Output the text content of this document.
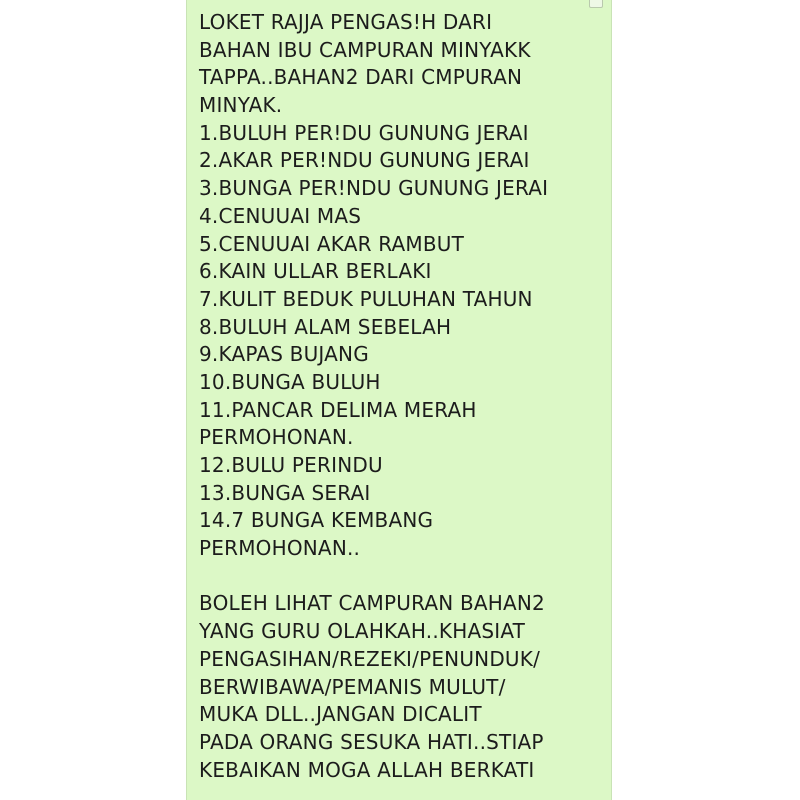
LOKET RAJJA PENGAS!H DARI
BAHAN IBU CAMPURAN MINYAKK
TAPPA..BAHAN2 DARI CMPURAN
MINYAK.
1.BULUH PER!DU GUNUNG JERAI
2.AKAR PER!NDU GUNUNG JERAI
3.BUNGA PER!NDU GUNUNG JERAI
4.CENUUAI MAS
5.CENUUAI AKAR RAMBUT
6.KAIN ULLAR BERLAKI
7.KULIT BEDUK PULUHAN TAHUN
8.BULUH ALAM SEBELAH
9.KAPAS BUJANG
10.BUNGA BULUH
11.PANCAR DELIMA MERAH
PERMOHONAN.
12.BULU PERINDU
13.BUNGA SERAI
14.7 BUNGA KEMBANG
PERMOHONAN..
BOLEH LIHAT CAMPURAN BAHAN2
YANG GURU OLAHKAH..KHASIAT
PENGASIHAN/REZEKI/PENUNDUK/
BERWIBAWA/PEMANIS MULUT/
MUKA DLL..JANGAN DICALIT
PADA ORANG SESUKA HATI..STIAP
KEBAIKAN MOGA ALLAH BERKATI
